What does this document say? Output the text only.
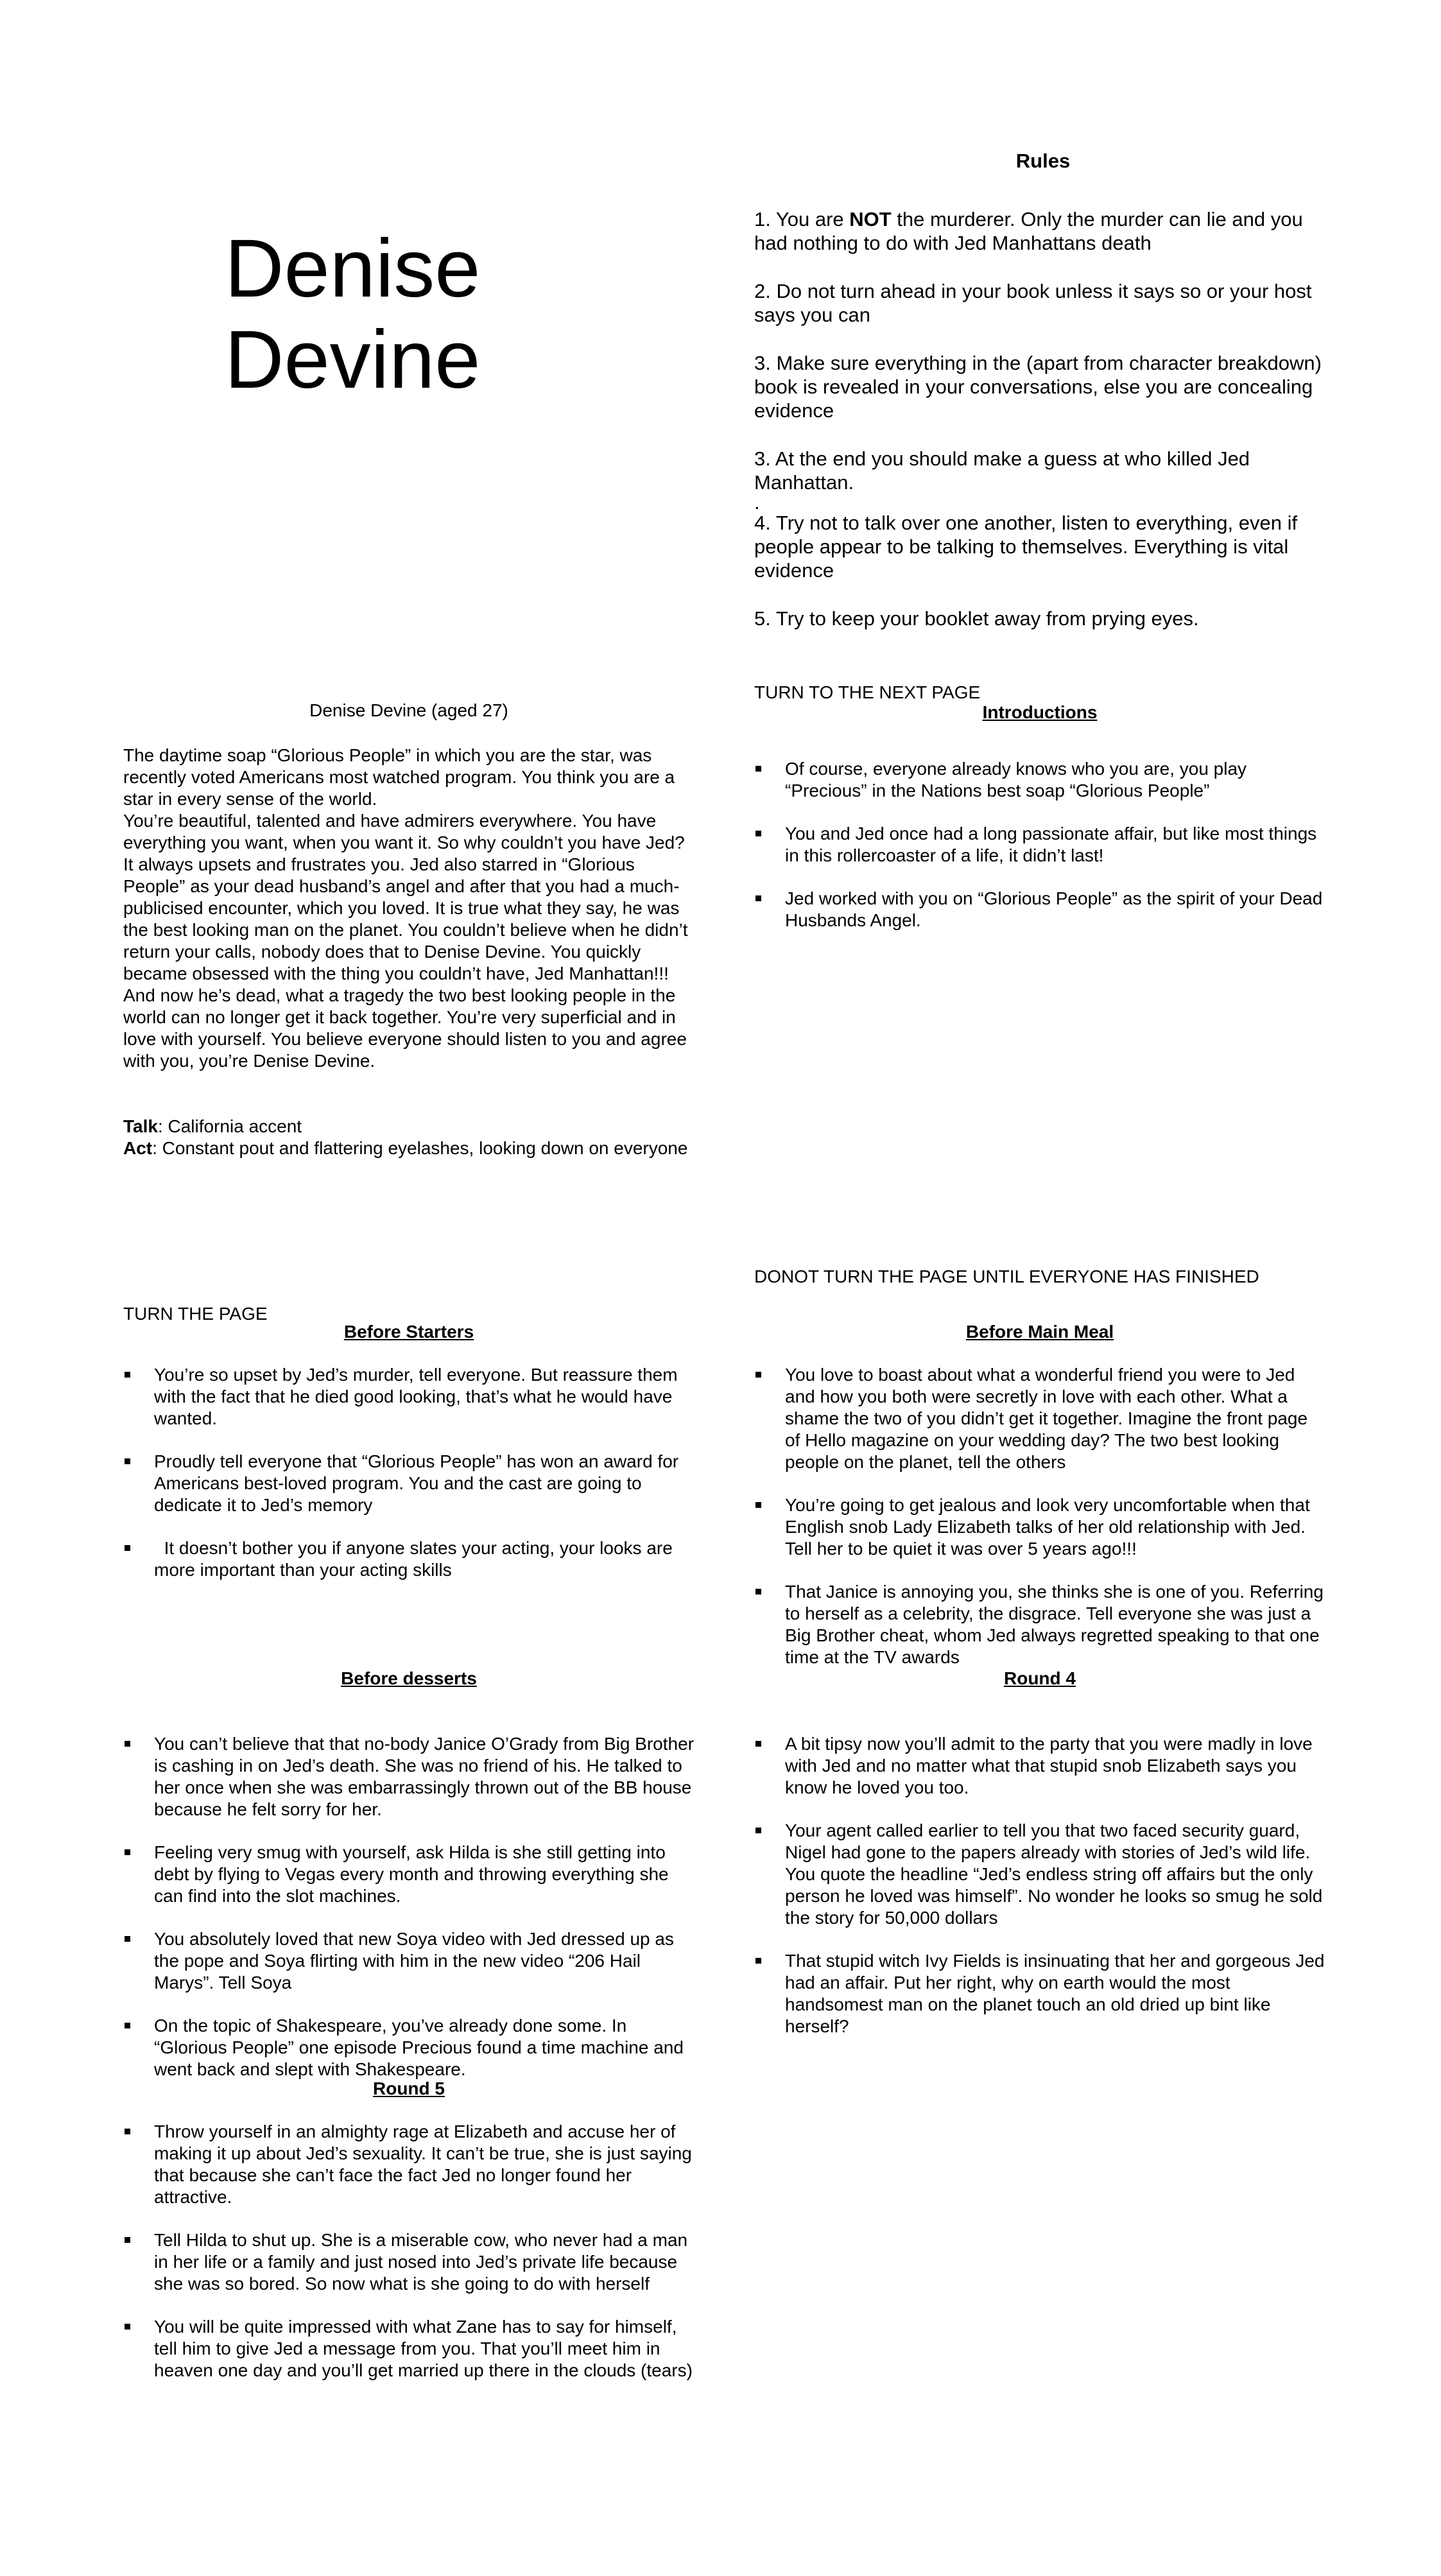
Denise
Devine
Rules

1. You are NOT the murderer. Only the murder can lie and you had nothing to do with Jed Manhattans death

2. Do not turn ahead in your book unless it says so or your host says you can

3. Make sure everything in the (apart from character breakdown) book is revealed in your conversations, else you are concealing evidence

3. At the end you should make a guess at who killed Jed Manhattan.

.

4. Try not to talk over one another, listen to everything, even if people appear to be talking to themselves. Everything is vital evidence

5. Try to keep your booklet away from prying eyes.

TURN TO THE NEXT PAGE
Denise Devine (aged 27)

The daytime soap “Glorious People” in which you are the star, was recently voted Americans most watched program. You think you are a star in every sense of the world.
You’re beautiful, talented and have admirers everywhere. You have everything you want, when you want it. So why couldn’t you have Jed? It always upsets and frustrates you. Jed also starred in “Glorious People” as your dead husband’s angel and after that you had a much-publicised encounter, which you loved. It is true what they say, he was the best looking man on the planet. You couldn’t believe when he didn’t return your calls, nobody does that to Denise Devine. You quickly became obsessed with the thing you couldn’t have, Jed Manhattan!!! And now he’s dead, what a tragedy the two best looking people in the world can no longer get it back together. You’re very superficial and in love with yourself. You believe everyone should listen to you and agree with you, you’re Denise Devine.

Talk: California accent

Act: Constant pout and flattering eyelashes, looking down on everyone

TURN THE PAGE
Introductions
Of course, everyone already knows who you are, you play “Precious” in the Nations best soap “Glorious People”
You and Jed once had a long passionate affair, but like most things in this rollercoaster of a life, it didn’t last!
Jed worked with you on “Glorious People” as the spirit of your Dead Husbands Angel.
DONOT TURN THE PAGE UNTIL EVERYONE HAS FINISHED
Before Starters
You’re so upset by Jed’s murder, tell everyone. But reassure them with the fact that he died good looking, that’s what he would have wanted.
Proudly tell everyone that “Glorious People” has won an award for Americans best-loved program. You and the cast are going to dedicate it to Jed’s memory
It doesn’t bother you if anyone slates your acting, your looks are more important than your acting skills
Before Main Meal
You love to boast about what a wonderful friend you were to Jed and how you both were secretly in love with each other. What a shame the two of you didn’t get it together. Imagine the front page of Hello magazine on your wedding day? The two best looking people on the planet, tell the others
You’re going to get jealous and look very uncomfortable when that English snob Lady Elizabeth talks of her old relationship with Jed. Tell her to be quiet it was over 5 years ago!!!
That Janice is annoying you, she thinks she is one of you. Referring to herself as a celebrity, the disgrace. Tell everyone she was just a Big Brother cheat, whom Jed always regretted speaking to that one time at the TV awards
Before desserts
You can’t believe that that no-body Janice O’Grady from Big Brother is cashing in on Jed’s death. She was no friend of his. He talked to her once when she was embarrassingly thrown out of the BB house because he felt sorry for her.
Feeling very smug with yourself, ask Hilda is she still getting into debt by flying to Vegas every month and throwing everything she can find into the slot machines.
You absolutely loved that new Soya video with Jed dressed up as the pope and Soya flirting with him in the new video “206 Hail Marys”. Tell Soya
On the topic of Shakespeare, you’ve already done some. In “Glorious People” one episode Precious found a time machine and went back and slept with Shakespeare.
Round 4
A bit tipsy now you’ll admit to the party that you were madly in love with Jed and no matter what that stupid snob Elizabeth says you know he loved you too.
Your agent called earlier to tell you that two faced security guard, Nigel had gone to the papers already with stories of Jed’s wild life. You quote the headline “Jed’s endless string off affairs but the only person he loved was himself”. No wonder he looks so smug he sold the story for 50,000 dollars
That stupid witch Ivy Fields is insinuating that her and gorgeous Jed had an affair. Put her right, why on earth would the most handsomest man on the planet touch an old dried up bint like herself?
Round 5
Throw yourself in an almighty rage at Elizabeth and accuse her of making it up about Jed’s sexuality. It can’t be true, she is just saying that because she can’t face the fact Jed no longer found her attractive.
Tell Hilda to shut up. She is a miserable cow, who never had a man in her life or a family and just nosed into Jed’s private life because she was so bored. So now what is she going to do with herself
You will be quite impressed with what Zane has to say for himself, tell him to give Jed a message from you. That you’ll meet him in heaven one day and you’ll get married up there in the clouds (tears)
